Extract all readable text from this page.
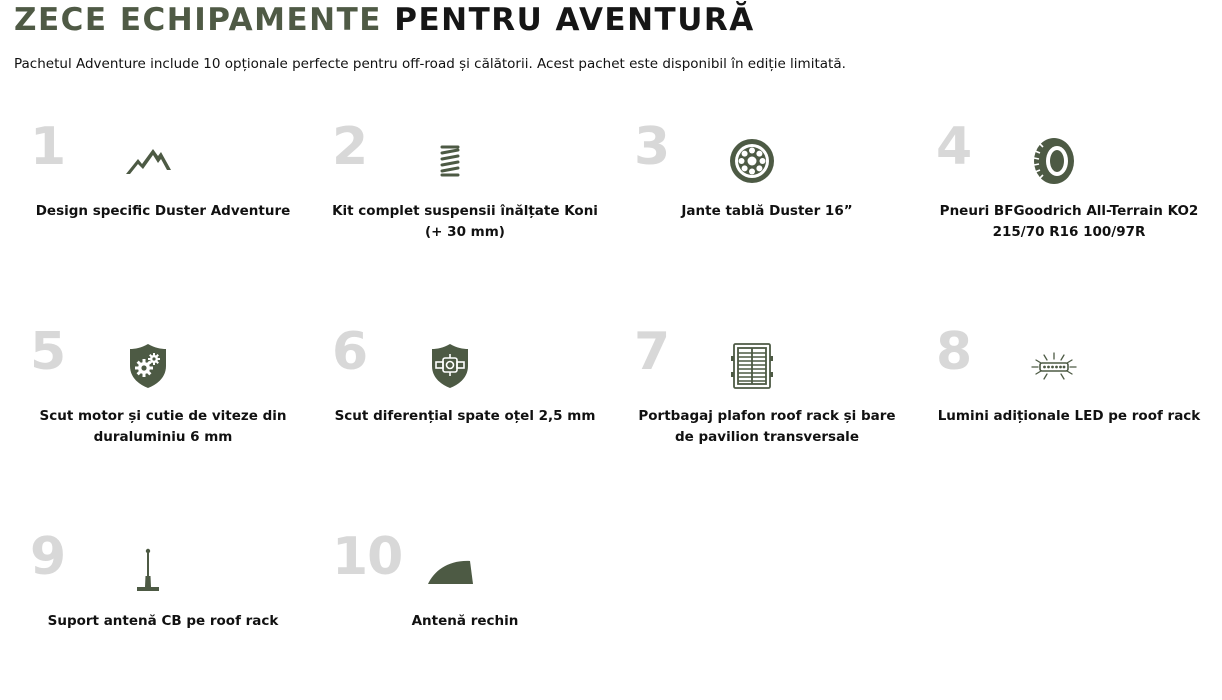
ZECE ECHIPAMENTE PENTRU AVENTURĂ

Pachetul Adventure include 10 opționale perfecte pentru off-road și călătorii. Acest pachet este disponibil în ediție limitată.

1
Design specific Duster Adventure
2
Kit complet suspensii înălțate Koni (+ 30 mm)
3
Jante tablă Duster 16”
4
Pneuri BFGoodrich All-Terrain KO2 215/70 R16 100/97R
5
Scut motor și cutie de viteze din duraluminiu 6 mm
6
Scut diferențial spate oțel 2,5 mm
7
Portbagaj plafon roof rack și bare de pavilion transversale
8
Lumini adiționale LED pe roof rack
9
Suport antenă CB pe roof rack
10
Antenă rechin
